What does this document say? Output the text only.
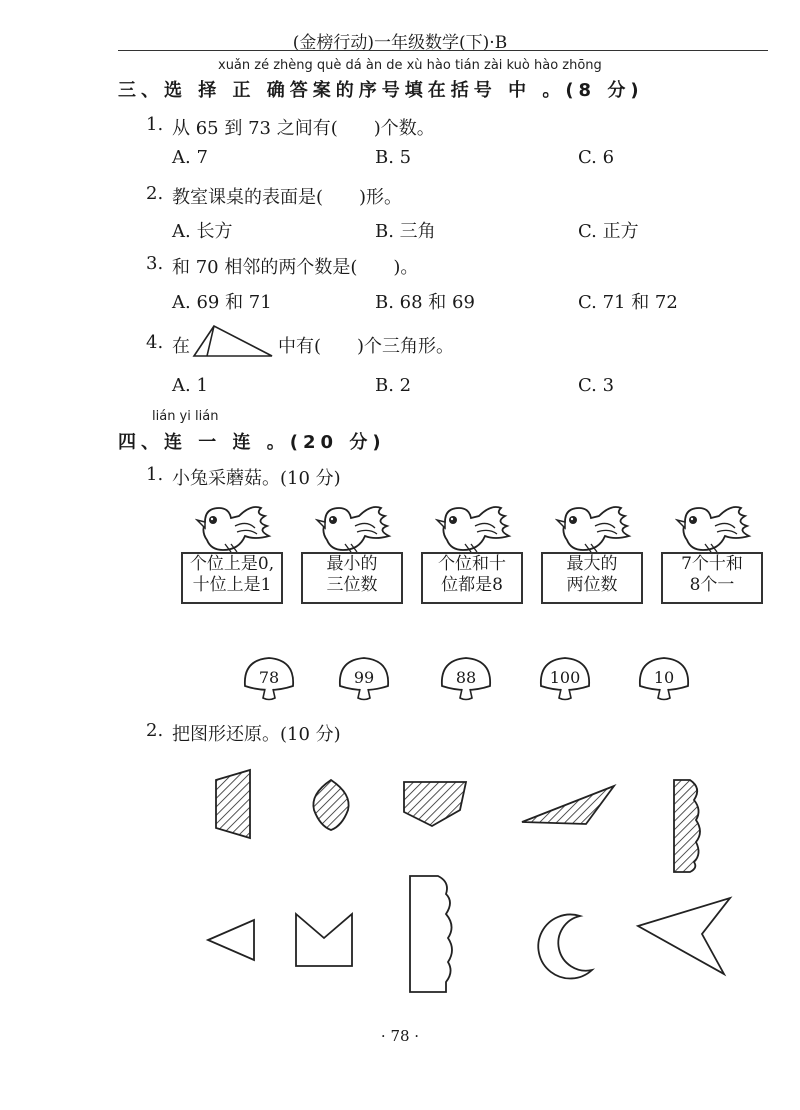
(金榜行动)一年级数学(下)·B
xuǎn zé zhèng què dá àn de xù hào tián zài kuò hào zhōng
三、选 择 正 确答案的序号填在括号 中 。(8 分)
1. 从 65 到 73 之间有(　　)个数。
A. 7	B. 5	C. 6
2. 教室课桌的表面是(　　)形。
A. 长方	B. 三角	C. 正方
3. 和 70 相邻的两个数是(　　)。
A. 69 和 71	B. 68 和 69	C. 71 和 72
4. 在	中有(　　)个三角形。
A. 1	B. 2	C. 3
lián yi lián
四、连 一 连 。(20 分)
1. 小兔采蘑菇。(10 分)
个位上是0,
十位上是1
最小的
三位数
个位和十
位都是8
最大的
两位数
7个十和
8个一
78	99	88	100	10
2. 把图形还原。(10 分)
· 78 ·
